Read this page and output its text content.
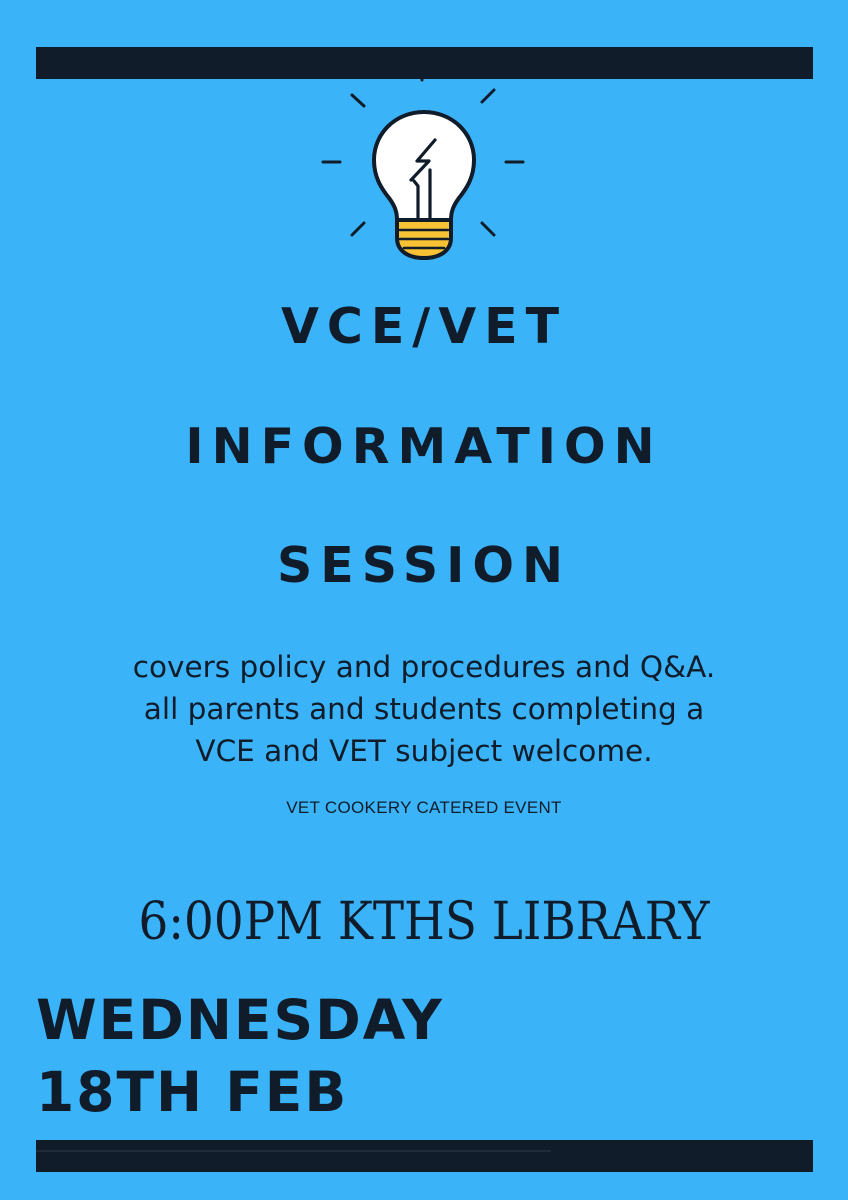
VCE/VET
INFORMATION
SESSION
covers policy and procedures and Q&A.
all parents and students completing a
VCE and VET subject welcome.
VET COOKERY CATERED EVENT
6:00PM KTHS LIBRARY
WEDNESDAY
18TH FEB
